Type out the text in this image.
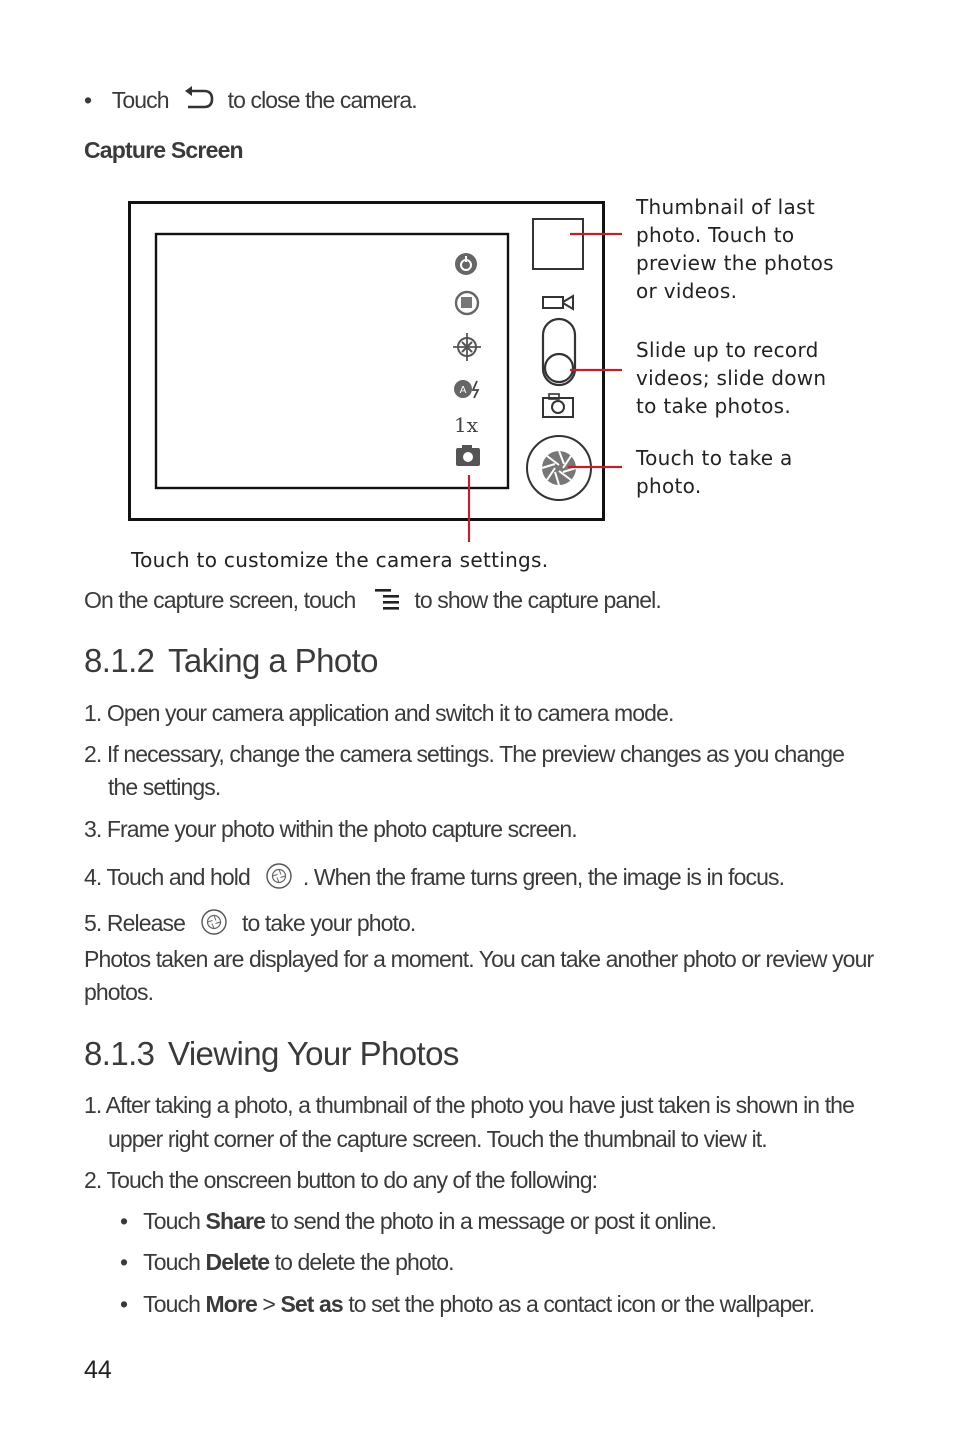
• Touch	to close the camera.
Capture Screen
A
1x
Thumbnail of last
photo. Touch to
preview the photos
or videos.
Slide up to record
videos; slide down
to take photos.
Touch to take a
photo.
Touch to customize the camera settings.
On the capture screen, touch	to show the capture panel.
8.1.2 Taking a Photo
1. Open your camera application and switch it to camera mode.
2. If necessary, change the camera settings. The preview changes as you change
the settings.
3. Frame your photo within the photo capture screen.
4. Touch and hold . When the frame turns green, the image is in focus.
5. Release to take your photo.
Photos taken are displayed for a moment. You can take another photo or review your
photos.
8.1.3 Viewing Your Photos
1. After taking a photo, a thumbnail of the photo you have just taken is shown in the
upper right corner of the capture screen. Touch the thumbnail to view it.
2. Touch the onscreen button to do any of the following:
• Touch Share to send the photo in a message or post it online.
• Touch Delete to delete the photo.
• Touch More > Set as to set the photo as a contact icon or the wallpaper.
44
